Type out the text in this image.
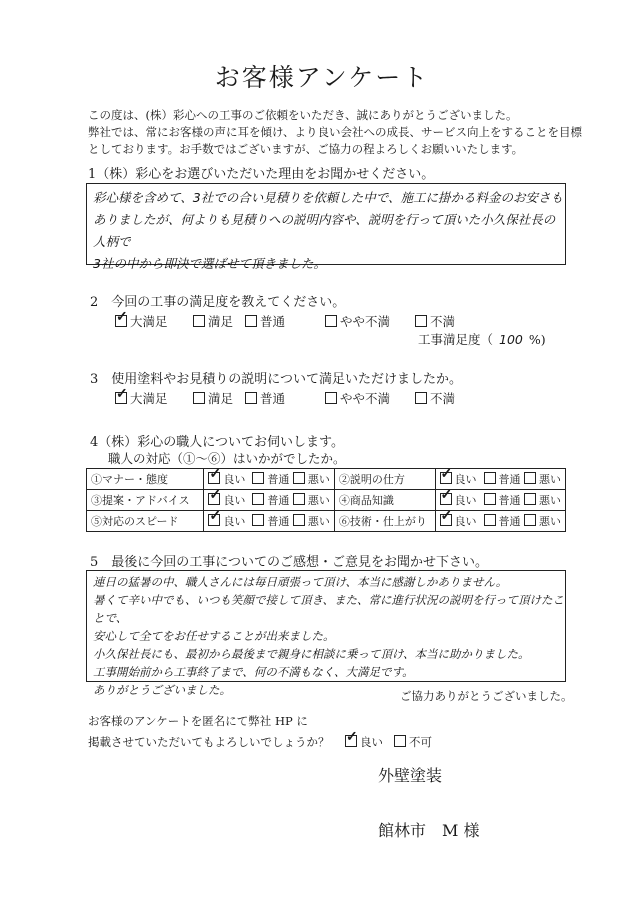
お客様アンケート
この度は、(株）彩心への工事のご依頼をいただき、誠にありがとうございました。
弊社では、常にお客様の声に耳を傾け、より良い会社への成長、サービス向上をすることを目標
としております。お手数ではございますが、ご協力の程よろしくお願いいたします。
1（株）彩心をお選びいただいた理由をお聞かせください。
彩心様を含めて、3社での合い見積りを依頼した中で、施工に掛かる料金のお安さも
ありましたが、何よりも見積りへの説明内容や、説明を行って頂いた小久保社長の人柄で
3社の中から即決で選ばせて頂きました。
2　今回の工事の満足度を教えてください。
✓大満足	満足	普通	やや不満	不満
工事満足度（ 100 %)
3　使用塗料やお見積りの説明について満足いただけましたか。
✓大満足	満足	普通	やや不満	不満
4（株）彩心の職人についてお伺いします。
職人の対応（①～⑥）はいかがでしたか。
①マナー・態度	✓良い 普通 悪い	②説明の仕方	✓良い 普通 悪い
③提案・アドバイス	✓良い 普通 悪い	④商品知識	✓良い 普通 悪い
⑤対応のスピード	✓良い 普通 悪い	⑥技術・仕上がり	✓良い 普通 悪い
5　最後に今回の工事についてのご感想・ご意見をお聞かせ下さい。
連日の猛暑の中、職人さんには毎日頑張って頂け、本当に感謝しかありません。
暑くて辛い中でも、いつも笑顔で接して頂き、また、常に進行状況の説明を行って頂けたことで、
安心して全てをお任せすることが出来ました。
小久保社長にも、最初から最後まで親身に相談に乗って頂け、本当に助かりました。
工事開始前から工事終了まで、何の不満もなく、大満足です。
ありがとうございました。	ご協力ありがとうございました。
お客様のアンケートを匿名にて弊社 HP に
掲載させていただいてもよろしいでしょうか？ ✓	良い 不可
外壁塗装
館林市　M 様
